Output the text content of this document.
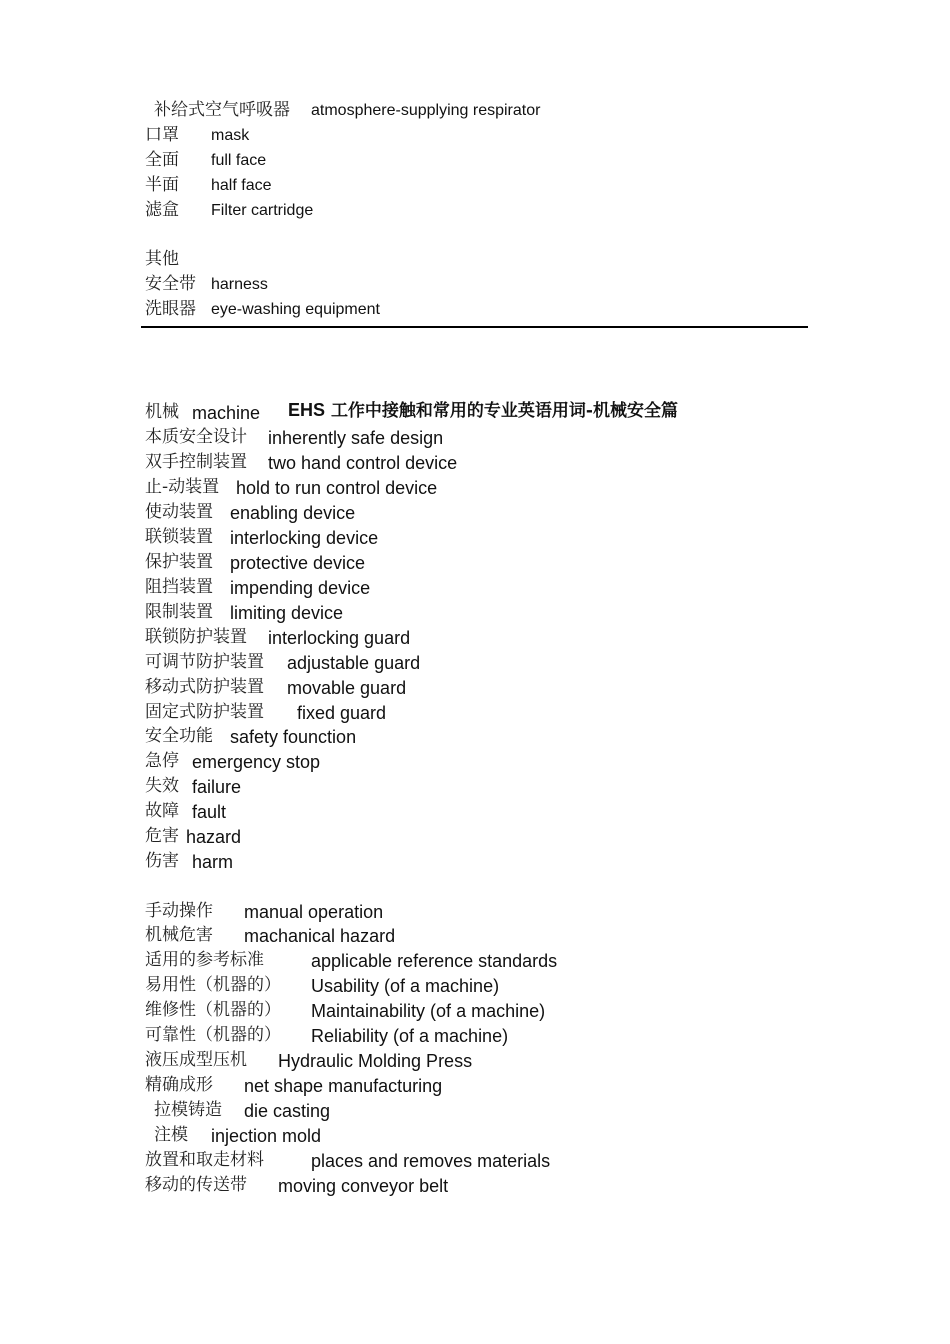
补给式空气呼吸器 atmosphere-supplying respirator
口罩 mask
全面 full face
半面 half face
滤盒 Filter cartridge
其他
安全带 harness
洗眼器 eye-washing equipment

EHS 工作中接触和常用的专业英语用词-机械安全篇

机械 machine
本质安全设计 inherently safe design
双手控制装置 two hand control device
止-动装置 hold to run control device
使动装置 enabling device
联锁装置 interlocking device
保护装置 protective device
阻挡装置 impending device
限制装置 limiting device
联锁防护装置 interlocking guard
可调节防护装置 adjustable guard
移动式防护装置 movable guard
固定式防护装置 fixed guard
安全功能 safety founction
急停 emergency stop
失效 failure
故障 fault
危害 hazard
伤害 harm
手动操作 manual operation
机械危害 machanical hazard
适用的参考标准	applicable reference standards
易用性（机器的） Usability (of a machine)
维修性（机器的） Maintainability (of a machine)
可靠性（机器的） Reliability (of a machine)
液压成型压机 Hydraulic Molding Press
精确成形 net shape manufacturing
拉模铸造 die casting
注模 injection mold
放置和取走材料	places and removes materials
移动的传送带 moving conveyor belt
